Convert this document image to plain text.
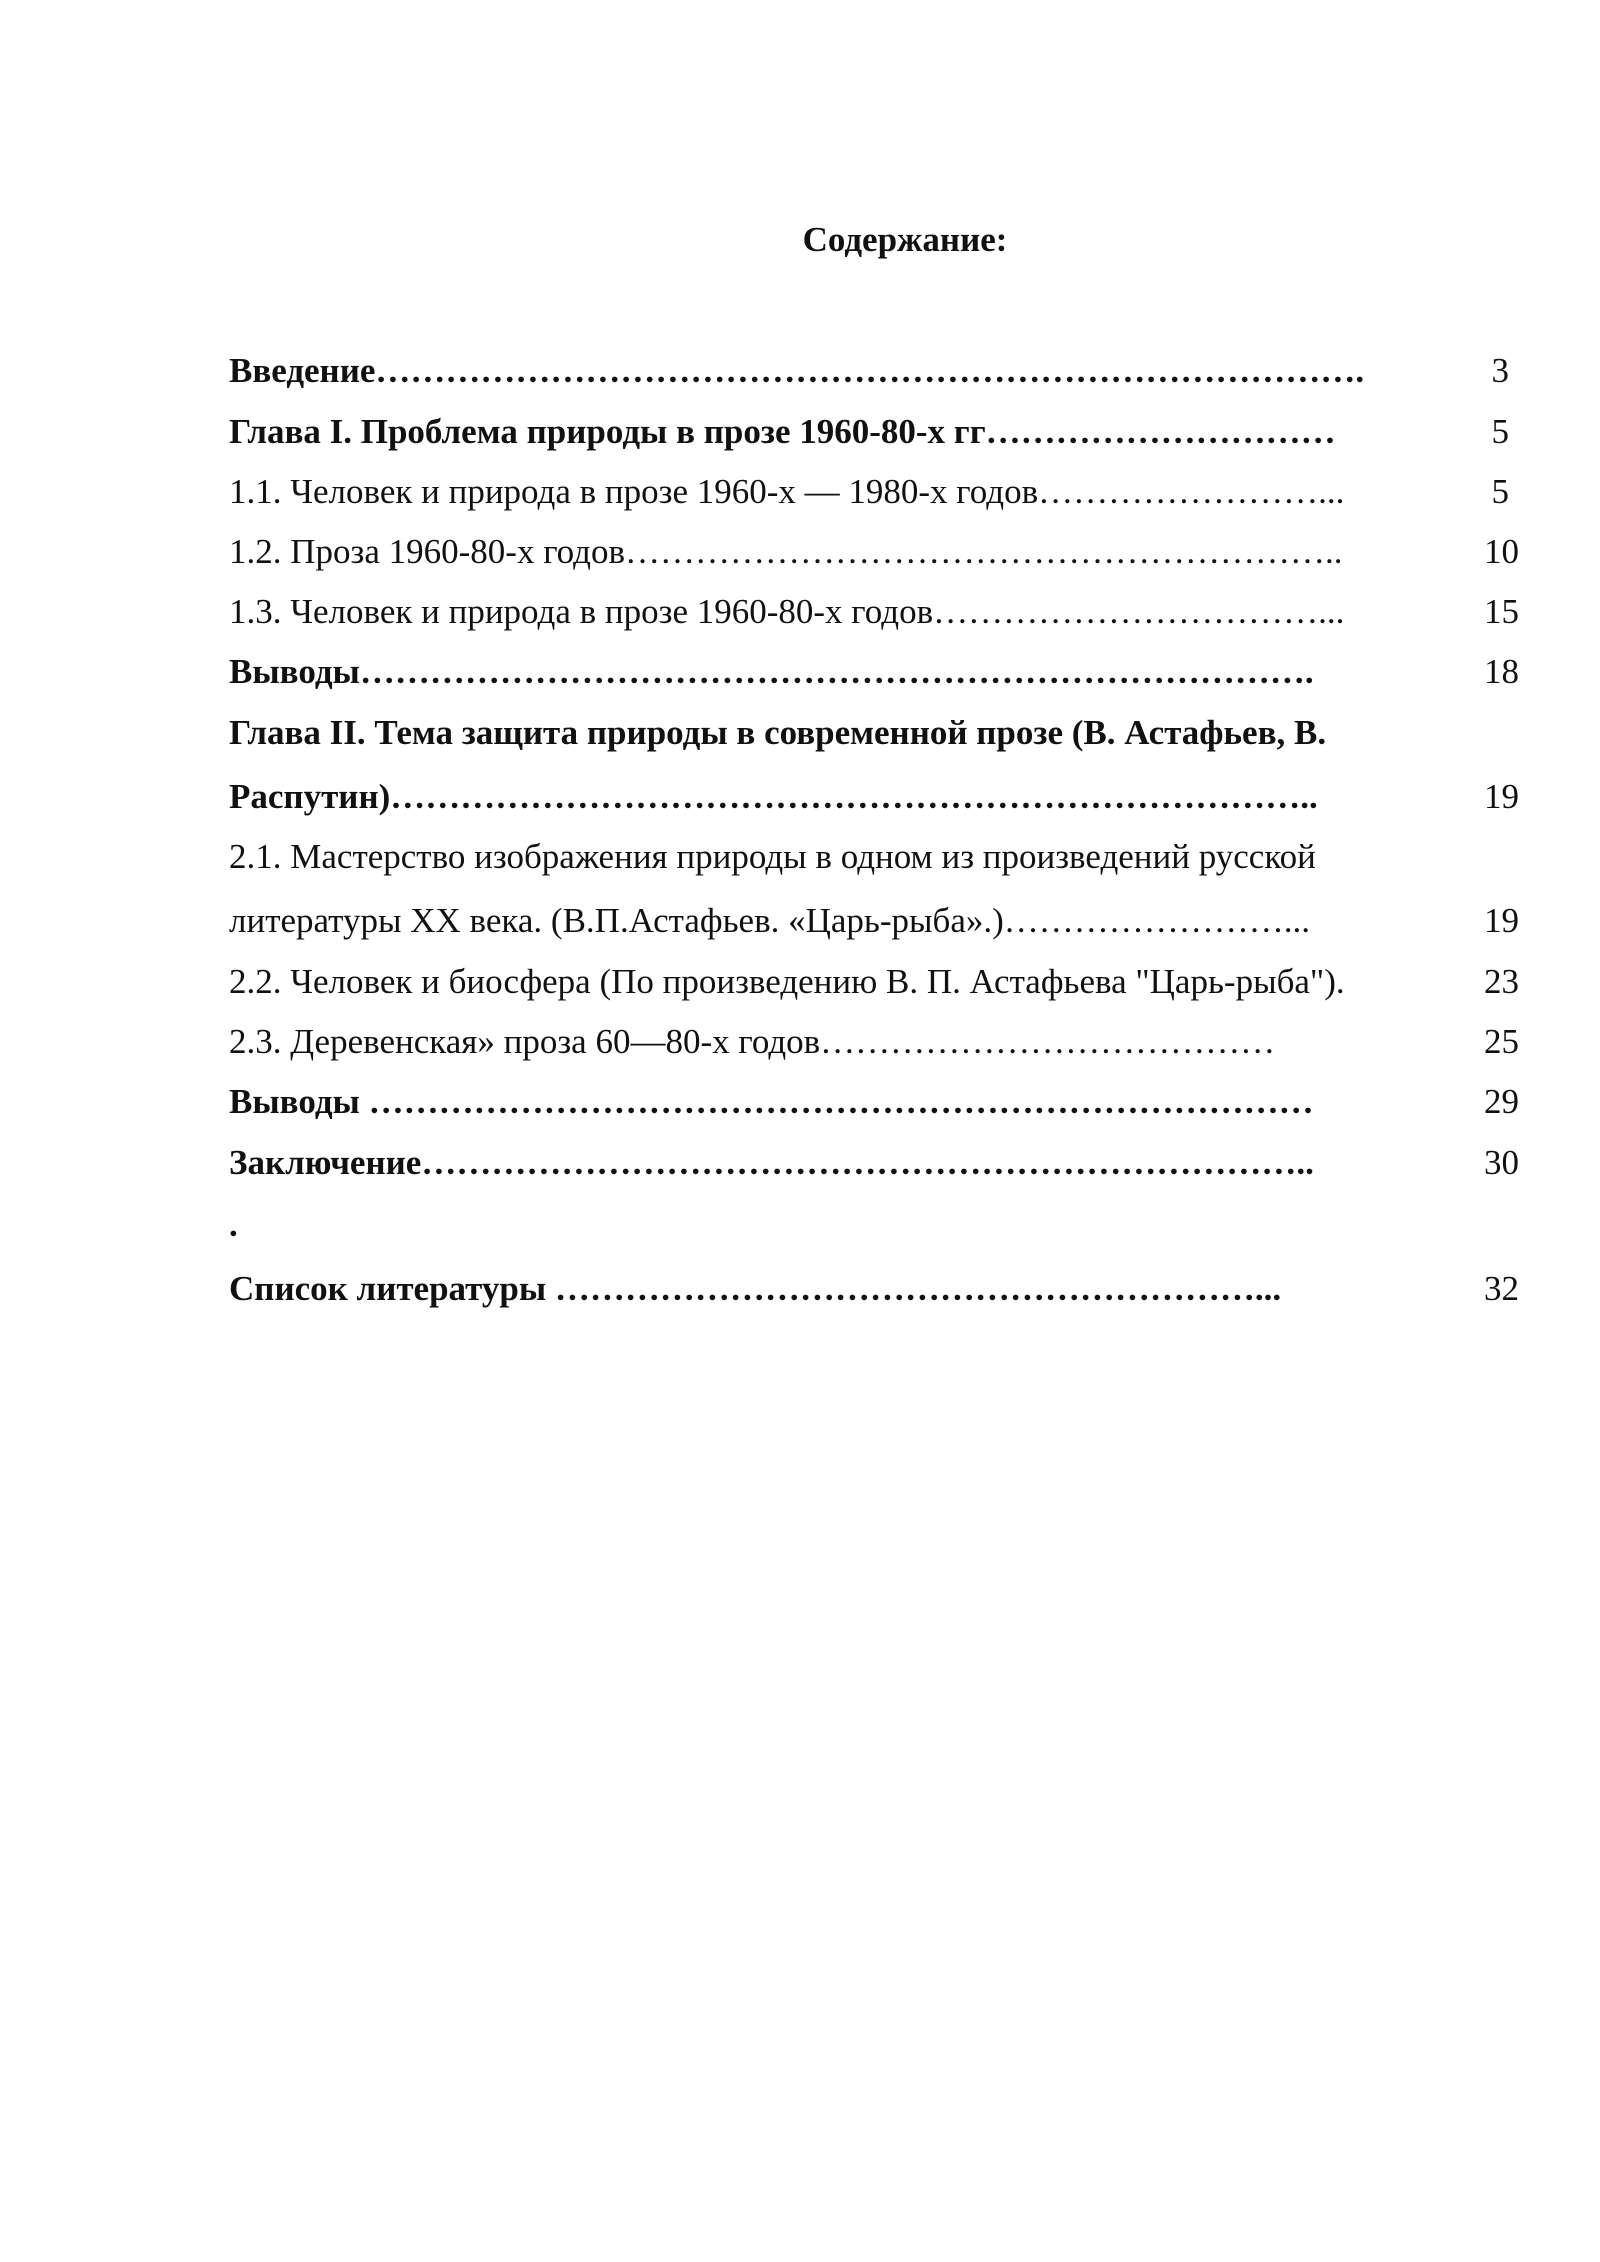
Содержание:
Введение………………………………………………………………………….	3
Глава I. Проблема природы в прозе 1960-80-х гг…………………………	5
1.1. Человек и природа в прозе 1960-х — 1980-х годов……………………...	5
1.2. Проза 1960-80-х годов……………………………………………………..	10
1.3. Человек и природа в прозе 1960-80-х годов……………………………...	15
Выводы……………………………………………………………………….	18
Глава II. Тема защита природы в современной прозе (В. Астафьев, В.
Распутин)……………………………………………………………………..	19
2.1. Мастерство изображения природы в одном из произведений русской
литературы XX века. (В.П.Астафьев. «Царь-рыба».)……………………...	19
2.2. Человек и биосфера (По произведению В. П. Астафьева "Царь-рыба").	23
2.3. Деревенская» проза 60—80-х годов…………………………………	25
Выводы ………………………………………………………………………	29
Заключение…………………………………………………………………..	30
.
Список литературы ……………………………………………………...	32
